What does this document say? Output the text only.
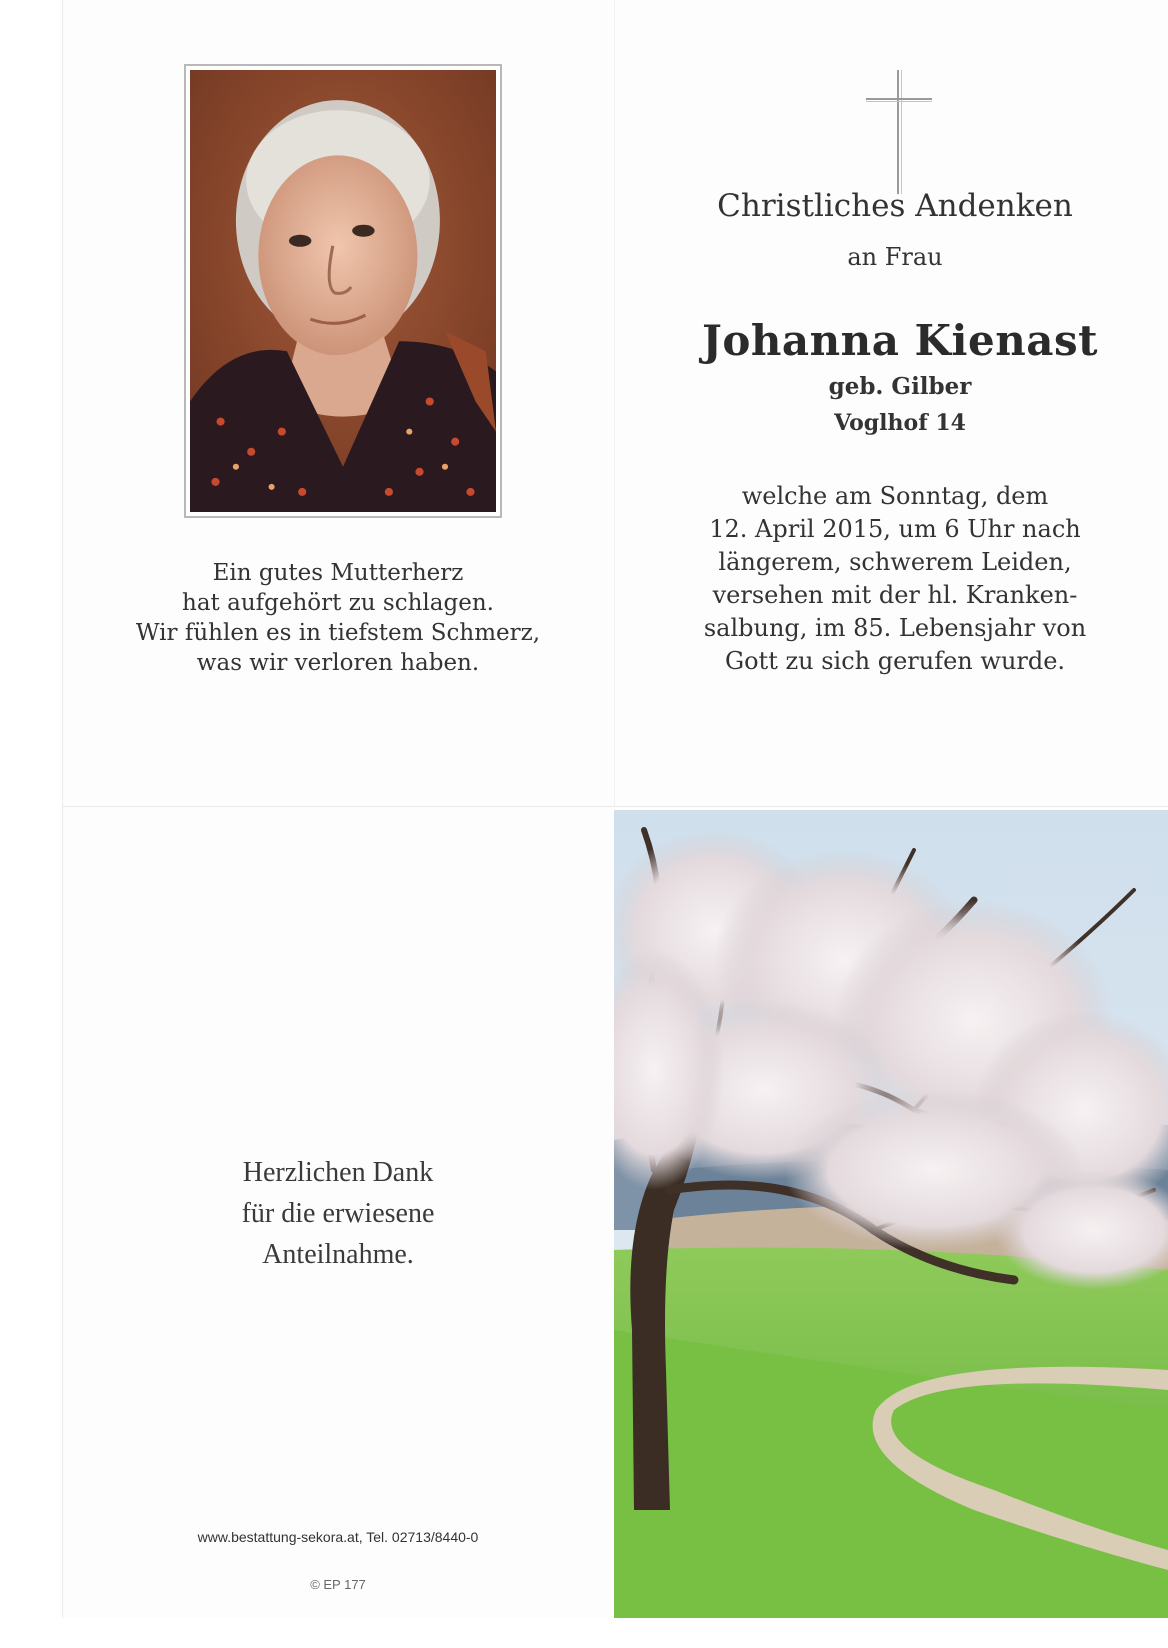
Ein gutes Mutterherz
hat aufgehört zu schlagen.
Wir fühlen es in tiefstem Schmerz,
was wir verloren haben.
Christliches Andenken
an Frau
Johanna Kienast
geb. Gilber
Voglhof 14
welche am Sonntag, dem
12. April 2015, um 6 Uhr nach
längerem, schwerem Leiden,
versehen mit der hl. Kranken-
salbung, im 85. Lebensjahr von
Gott zu sich gerufen wurde.
Herzlichen Dank
für die erwiesene
Anteilnahme.
www.bestattung-sekora.at, Tel. 02713/8440-0
© EP 177
